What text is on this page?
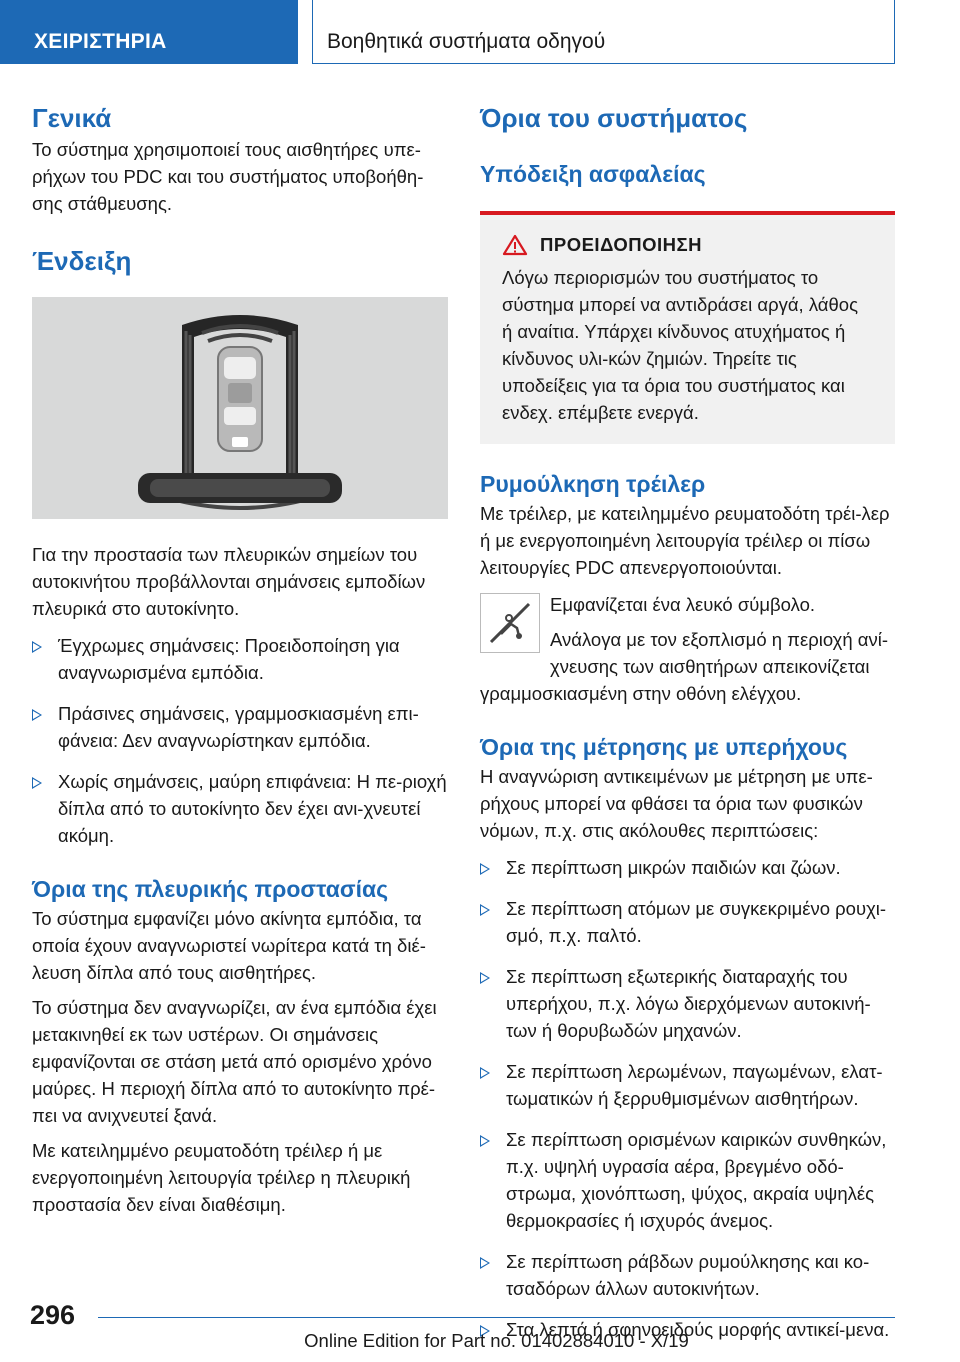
ΧΕΙΡΙΣΤΗΡΙΑ	Βοηθητικά συστήματα οδηγού
Γενικά

Το σύστημα χρησιμοποιεί τους αισθητήρες υπε-ρήχων του PDC και του συστήματος υποβοήθη-σης στάθμευσης.

Ένδειξη

Για την προστασία των πλευρικών σημείων του αυτοκινήτου προβάλλονται σημάνσεις εμποδίων πλευρικά στο αυτοκίνητο.

Έγχρωμες σημάνσεις: Προειδοποίηση για αναγνωρισμένα εμπόδια.
Πράσινες σημάνσεις, γραμμοσκιασμένη επι-φάνεια: Δεν αναγνωρίστηκαν εμπόδια.
Χωρίς σημάνσεις, μαύρη επιφάνεια: Η πε-ριοχή δίπλα από το αυτοκίνητο δεν έχει ανι-χνευτεί ακόμη.
Όρια της πλευρικής προστασίας

Το σύστημα εμφανίζει μόνο ακίνητα εμπόδια, τα οποία έχουν αναγνωριστεί νωρίτερα κατά τη διέ-λευση δίπλα από τους αισθητήρες.

Το σύστημα δεν αναγνωρίζει, αν ένα εμπόδια έχει μετακινηθεί εκ των υστέρων. Οι σημάνσεις εμφανίζονται σε στάση μετά από ορισμένο χρόνο μαύρες. Η περιοχή δίπλα από το αυτοκίνητο πρέ-πει να ανιχνευτεί ξανά.

Με κατειλημμένο ρευματοδότη τρέιλερ ή με ενεργοποιημένη λειτουργία τρέιλερ η πλευρική προστασία δεν είναι διαθέσιμη.

Όρια του συστήματος
Υπόδειξη ασφαλείας
ΠΡΟΕΙΔΟΠΟΙΗΣΗ

Λόγω περιορισμών του συστήματος το σύστημα μπορεί να αντιδράσει αργά, λάθος ή αναίτια. Υπάρχει κίνδυνος ατυχήματος ή κίνδυνος υλι-κών ζημιών. Τηρείτε τις υποδείξεις για τα όρια του συστήματος και ενδεχ. επέμβετε ενεργά.

Ρυμούλκηση τρέιλερ

Με τρέιλερ, με κατειλημμένο ρευματοδότη τρέι-λερ ή με ενεργοποιημένη λειτουργία τρέιλερ οι πίσω λειτουργίες PDC απενεργοποιούνται.

Εμφανίζεται ένα λευκό σύμβολο.

Ανάλογα με τον εξοπλισμό η περιοχή ανί-χνευσης των αισθητήρων απεικονίζεται

γραμμοσκιασμένη στην οθόνη ελέγχου.

Όρια της μέτρησης με υπερήχους

Η αναγνώριση αντικειμένων με μέτρηση με υπε-ρήχους μπορεί να φθάσει τα όρια των φυσικών νόμων, π.χ. στις ακόλουθες περιπτώσεις:

Σε περίπτωση μικρών παιδιών και ζώων.
Σε περίπτωση ατόμων με συγκεκριμένο ρουχι-σμό, π.χ. παλτό.
Σε περίπτωση εξωτερικής διαταραχής του υπερήχου, π.χ. λόγω διερχόμενων αυτοκινή-των ή θορυβωδών μηχανών.
Σε περίπτωση λερωμένων, παγωμένων, ελατ-τωματικών ή ξερρυθμισμένων αισθητήρων.
Σε περίπτωση ορισμένων καιρικών συνθηκών, π.χ. υψηλή υγρασία αέρα, βρεγμένο οδό-στρωμα, χιονόπτωση, ψύχος, ακραία υψηλές θερμοκρασίες ή ισχυρός άνεμος.
Σε περίπτωση ράβδων ρυμούλκησης και κο-τσαδόρων άλλων αυτοκινήτων.
Στα λεπτά ή σφηνοειδούς μορφής αντικεί-μενα.
296
Online Edition for Part no. 01402884010 - X/19
